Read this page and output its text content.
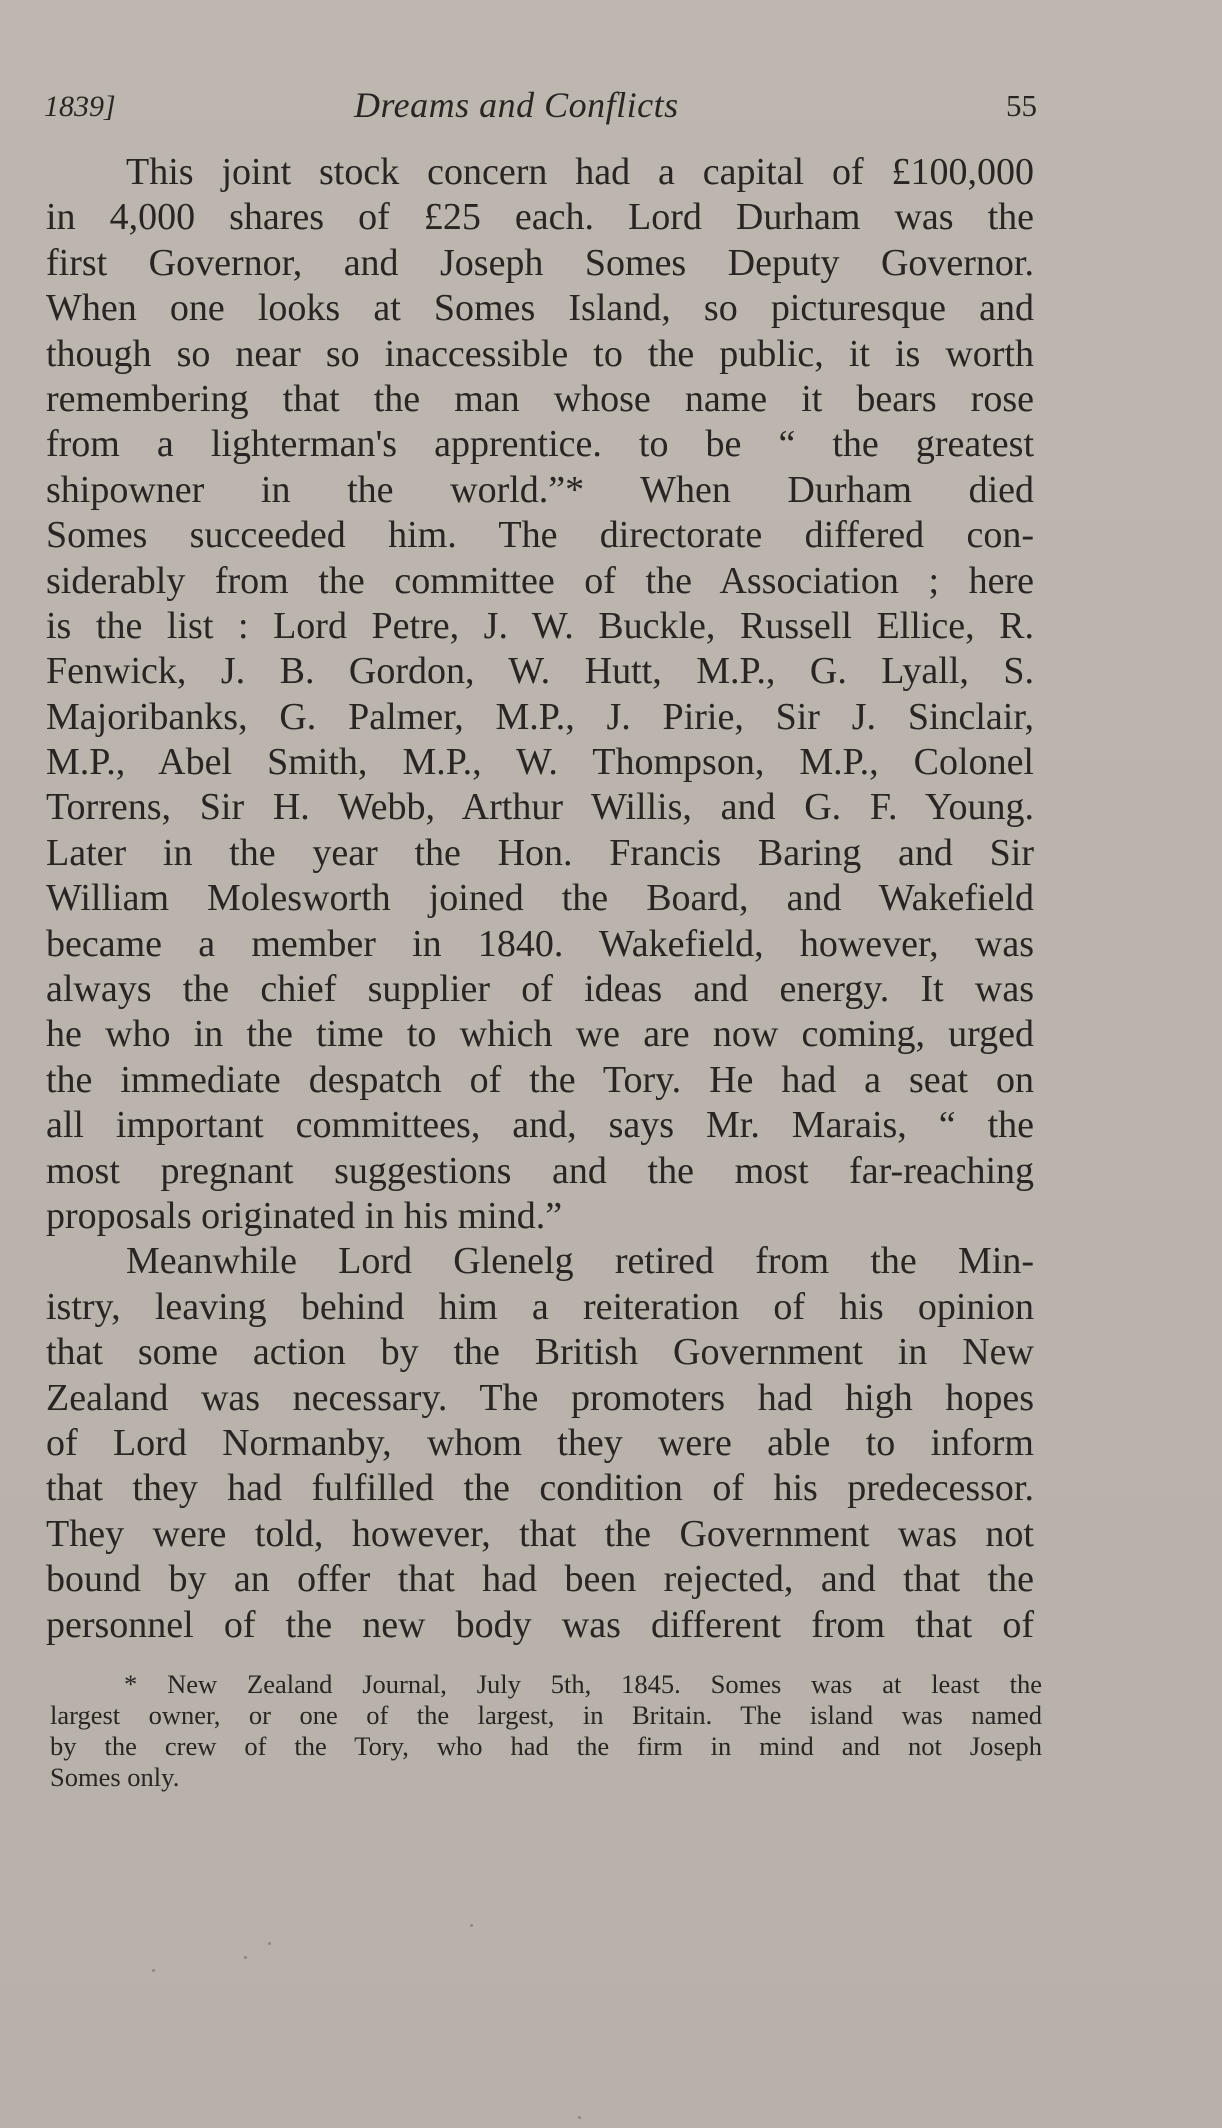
1839]	Dreams and Conflicts	55
This joint stock concern had a capital of £100,000
in 4,000 shares of £25 each. Lord Durham was the
first Governor, and Joseph Somes Deputy Governor.
When one looks at Somes Island, so picturesque and
though so near so inaccessible to the public, it is worth
remembering that the man whose name it bears rose
from a lighterman's apprentice. to be “ the greatest
shipowner in the world.”* When Durham died
Somes succeeded him. The directorate differed con-
siderably from the committee of the Association ; here
is the list : Lord Petre, J. W. Buckle, Russell Ellice, R.
Fenwick, J. B. Gordon, W. Hutt, M.P., G. Lyall, S.
Majoribanks, G. Palmer, M.P., J. Pirie, Sir J. Sinclair,
M.P., Abel Smith, M.P., W. Thompson, M.P., Colonel
Torrens, Sir H. Webb, Arthur Willis, and G. F. Young.
Later in the year the Hon. Francis Baring and Sir
William Molesworth joined the Board, and Wakefield
became a member in 1840. Wakefield, however, was
always the chief supplier of ideas and energy. It was
he who in the time to which we are now coming, urged
the immediate despatch of the Tory. He had a seat on
all important committees, and, says Mr. Marais, “ the
most pregnant suggestions and the most far-reaching
proposals originated in his mind.”
Meanwhile Lord Glenelg retired from the Min-
istry, leaving behind him a reiteration of his opinion
that some action by the British Government in New
Zealand was necessary. The promoters had high hopes
of Lord Normanby, whom they were able to inform
that they had fulfilled the condition of his predecessor.
They were told, however, that the Government was not
bound by an offer that had been rejected, and that the
personnel of the new body was different from that of
* New Zealand Journal, July 5th, 1845. Somes was at least the
largest owner, or one of the largest, in Britain. The island was named
by the crew of the Tory, who had the firm in mind and not Joseph
Somes only.
